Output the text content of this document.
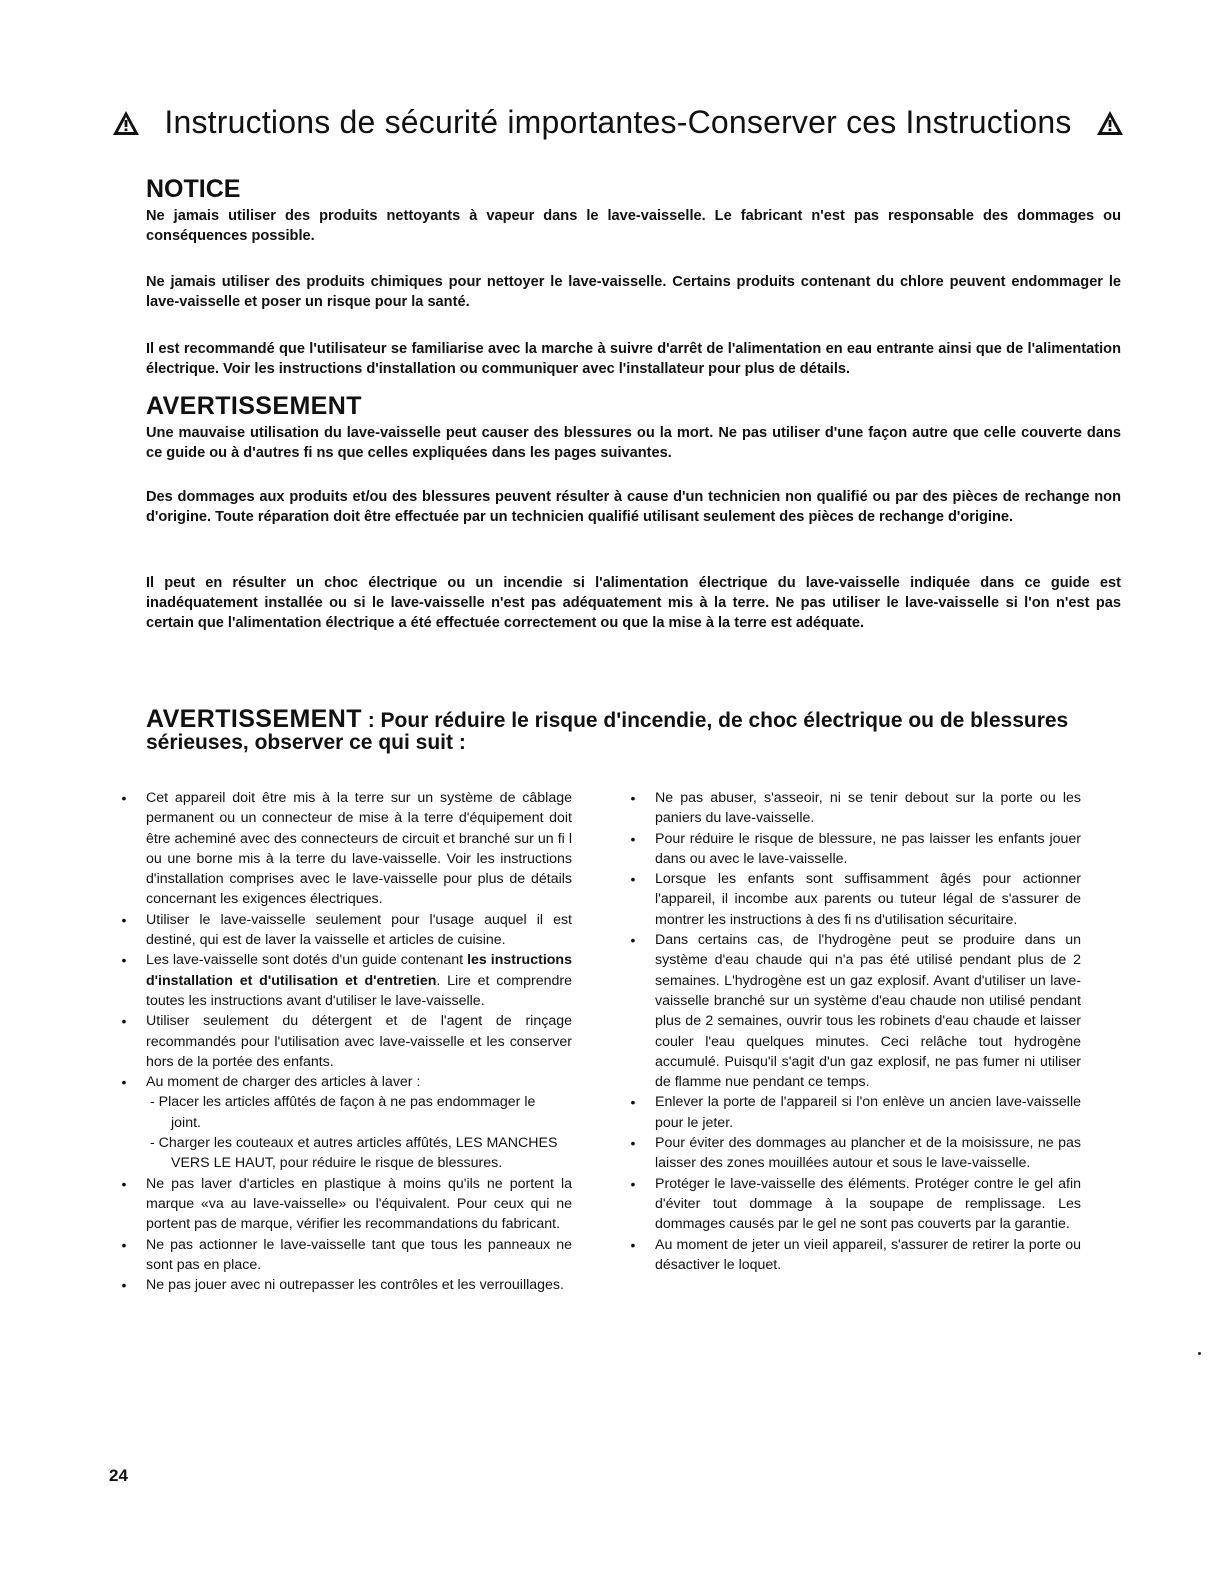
Instructions de sécurité importantes-Conserver ces Instructions
NOTICE

Ne jamais utiliser des produits nettoyants à vapeur dans le lave-vaisselle. Le fabricant n'est pas responsable des dommages ou conséquences possible.

Ne jamais utiliser des produits chimiques pour nettoyer le lave-vaisselle. Certains produits contenant du chlore peuvent endommager le lave-vaisselle et poser un risque pour la santé.

Il est recommandé que l'utilisateur se familiarise avec la marche à suivre d'arrêt de l'alimentation en eau entrante ainsi que de l'alimentation électrique. Voir les instructions d'installation ou communiquer avec l'installateur pour plus de détails.

AVERTISSEMENT

Une mauvaise utilisation du lave-vaisselle peut causer des blessures ou la mort. Ne pas utiliser d'une façon autre que celle couverte dans ce guide ou à d'autres fi ns que celles expliquées dans les pages suivantes.

Des dommages aux produits et/ou des blessures peuvent résulter à cause d'un technicien non qualifié ou par des pièces de rechange non d'origine. Toute réparation doit être effectuée par un technicien qualifié utilisant seulement des pièces de rechange d'origine.

Il peut en résulter un choc électrique ou un incendie si l'alimentation électrique du lave-vaisselle indiquée dans ce guide est inadéquatement installée ou si le lave-vaisselle n'est pas adéquatement mis à la terre. Ne pas utiliser le lave-vaisselle si l'on n'est pas certain que l'alimentation électrique a été effectuée correctement ou que la mise à la terre est adéquate.

AVERTISSEMENT : Pour réduire le risque d'incendie, de choc électrique ou de blessures sérieuses, observer ce qui suit :
• Cet appareil doit être mis à la terre sur un système de câblage permanent ou un connecteur de mise à la terre d'équipement doit être acheminé avec des connecteurs de circuit et branché sur un fi l ou une borne mis à la terre du lave-vaisselle. Voir les instructions d'installation comprises avec le lave-vaisselle pour plus de détails concernant les exigences électriques.
• Utiliser le lave-vaisselle seulement pour l'usage auquel il est destiné, qui est de laver la vaisselle et articles de cuisine.
• Les lave-vaisselle sont dotés d'un guide contenant les instructions d'installation et d'utilisation et d'entretien. Lire et comprendre toutes les instructions avant d'utiliser le lave-vaisselle.
• Utiliser seulement du détergent et de l'agent de rinçage recommandés pour l'utilisation avec lave-vaisselle et les conserver hors de la portée des enfants.
• Au moment de charger des articles à laver :
- Placer les articles affûtés de façon à ne pas endommager le
joint.
- Charger les couteaux et autres articles affûtés, LES MANCHES
VERS LE HAUT, pour réduire le risque de blessures.
• Ne pas laver d'articles en plastique à moins qu'ils ne portent la marque «va au lave-vaisselle» ou l'équivalent. Pour ceux qui ne portent pas de marque, vérifier les recommandations du fabricant.
• Ne pas actionner le lave-vaisselle tant que tous les panneaux ne sont pas en place.
• Ne pas jouer avec ni outrepasser les contrôles et les verrouillages.
• Ne pas abuser, s'asseoir, ni se tenir debout sur la porte ou les paniers du lave-vaisselle.
• Pour réduire le risque de blessure, ne pas laisser les enfants jouer dans ou avec le lave-vaisselle.
• Lorsque les enfants sont suffisamment âgés pour actionner l'appareil, il incombe aux parents ou tuteur légal de s'assurer de montrer les instructions à des fi ns d'utilisation sécuritaire.
• Dans certains cas, de l'hydrogène peut se produire dans un système d'eau chaude qui n'a pas été utilisé pendant plus de 2 semaines. L'hydrogène est un gaz explosif. Avant d'utiliser un lave-vaisselle branché sur un système d'eau chaude non utilisé pendant plus de 2 semaines, ouvrir tous les robinets d'eau chaude et laisser couler l'eau quelques minutes. Ceci relâche tout hydrogène accumulé. Puisqu'il s'agit d'un gaz explosif, ne pas fumer ni utiliser de flamme nue pendant ce temps.
• Enlever la porte de l'appareil si l'on enlève un ancien lave-vaisselle pour le jeter.
• Pour éviter des dommages au plancher et de la moisissure, ne pas laisser des zones mouillées autour et sous le lave-vaisselle.
• Protéger le lave-vaisselle des éléments. Protéger contre le gel afin d'éviter tout dommage à la soupape de remplissage. Les dommages causés par le gel ne sont pas couverts par la garantie.
• Au moment de jeter un vieil appareil, s'assurer de retirer la porte ou désactiver le loquet.
24
